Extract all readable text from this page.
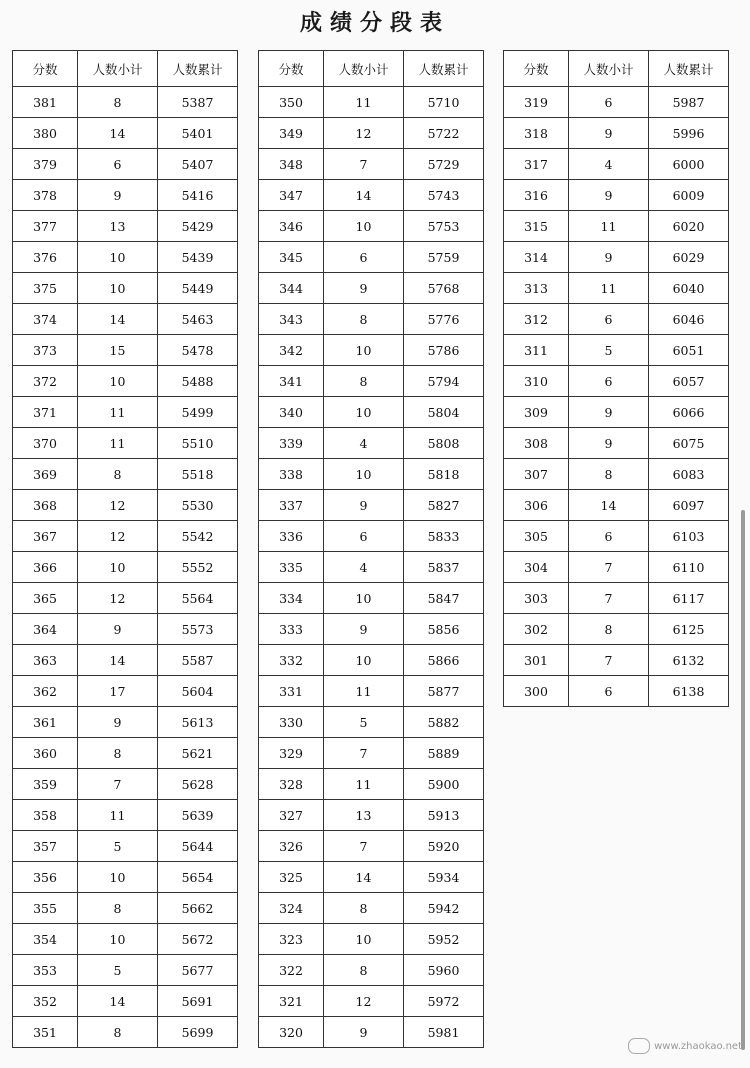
成绩分段表
分数	人数小计	人数累计
381	8	5387
380	14	5401
379	6	5407
378	9	5416
377	13	5429
376	10	5439
375	10	5449
374	14	5463
373	15	5478
372	10	5488
371	11	5499
370	11	5510
369	8	5518
368	12	5530
367	12	5542
366	10	5552
365	12	5564
364	9	5573
363	14	5587
362	17	5604
361	9	5613
360	8	5621
359	7	5628
358	11	5639
357	5	5644
356	10	5654
355	8	5662
354	10	5672
353	5	5677
352	14	5691
351	8	5699
分数	人数小计	人数累计
350	11	5710
349	12	5722
348	7	5729
347	14	5743
346	10	5753
345	6	5759
344	9	5768
343	8	5776
342	10	5786
341	8	5794
340	10	5804
339	4	5808
338	10	5818
337	9	5827
336	6	5833
335	4	5837
334	10	5847
333	9	5856
332	10	5866
331	11	5877
330	5	5882
329	7	5889
328	11	5900
327	13	5913
326	7	5920
325	14	5934
324	8	5942
323	10	5952
322	8	5960
321	12	5972
320	9	5981
分数	人数小计	人数累计
319	6	5987
318	9	5996
317	4	6000
316	9	6009
315	11	6020
314	9	6029
313	11	6040
312	6	6046
311	5	6051
310	6	6057
309	9	6066
308	9	6075
307	8	6083
306	14	6097
305	6	6103
304	7	6110
303	7	6117
302	8	6125
301	7	6132
300	6	6138
www.zhaokao.net
